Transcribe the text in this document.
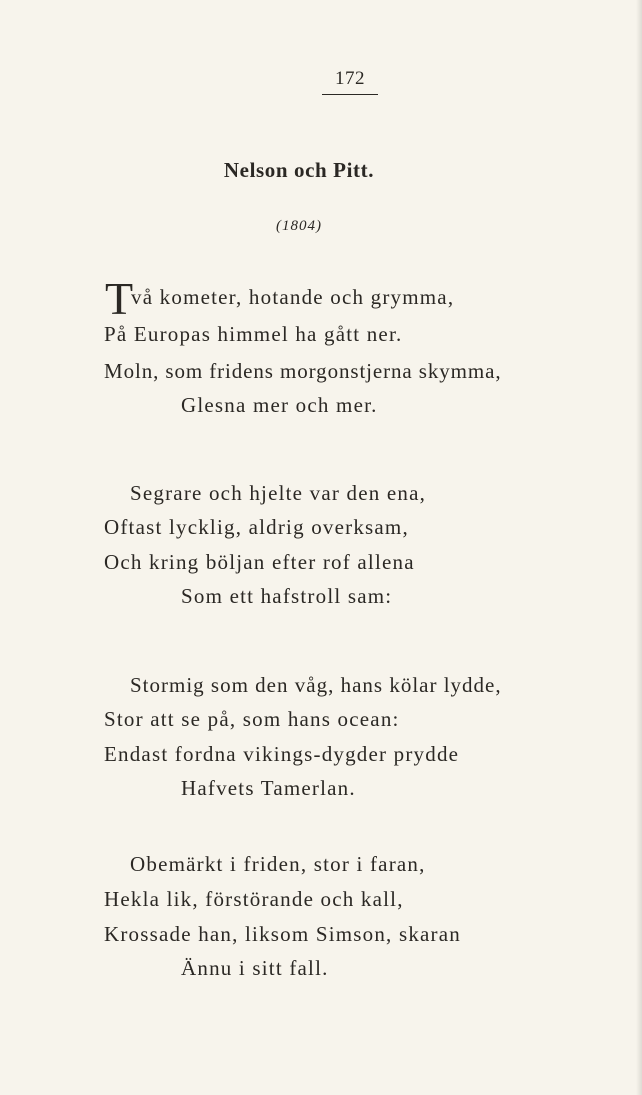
172
Nelson och Pitt.
(1804)
T
vå kometer, hotande och grymma,
På Europas himmel ha gått ner.
Moln, som fridens morgonstjerna skymma,
Glesna mer och mer.
Segrare och hjelte var den ena,
Oftast lycklig, aldrig overksam,
Och kring böljan efter rof allena
Som ett hafstroll sam:
Stormig som den våg, hans kölar lydde,
Stor att se på, som hans ocean:
Endast fordna vikings-dygder prydde
Hafvets Tamerlan.
Obemärkt i friden, stor i faran,
Hekla lik, förstörande och kall,
Krossade han, liksom Simson, skaran
Ännu i sitt fall.
